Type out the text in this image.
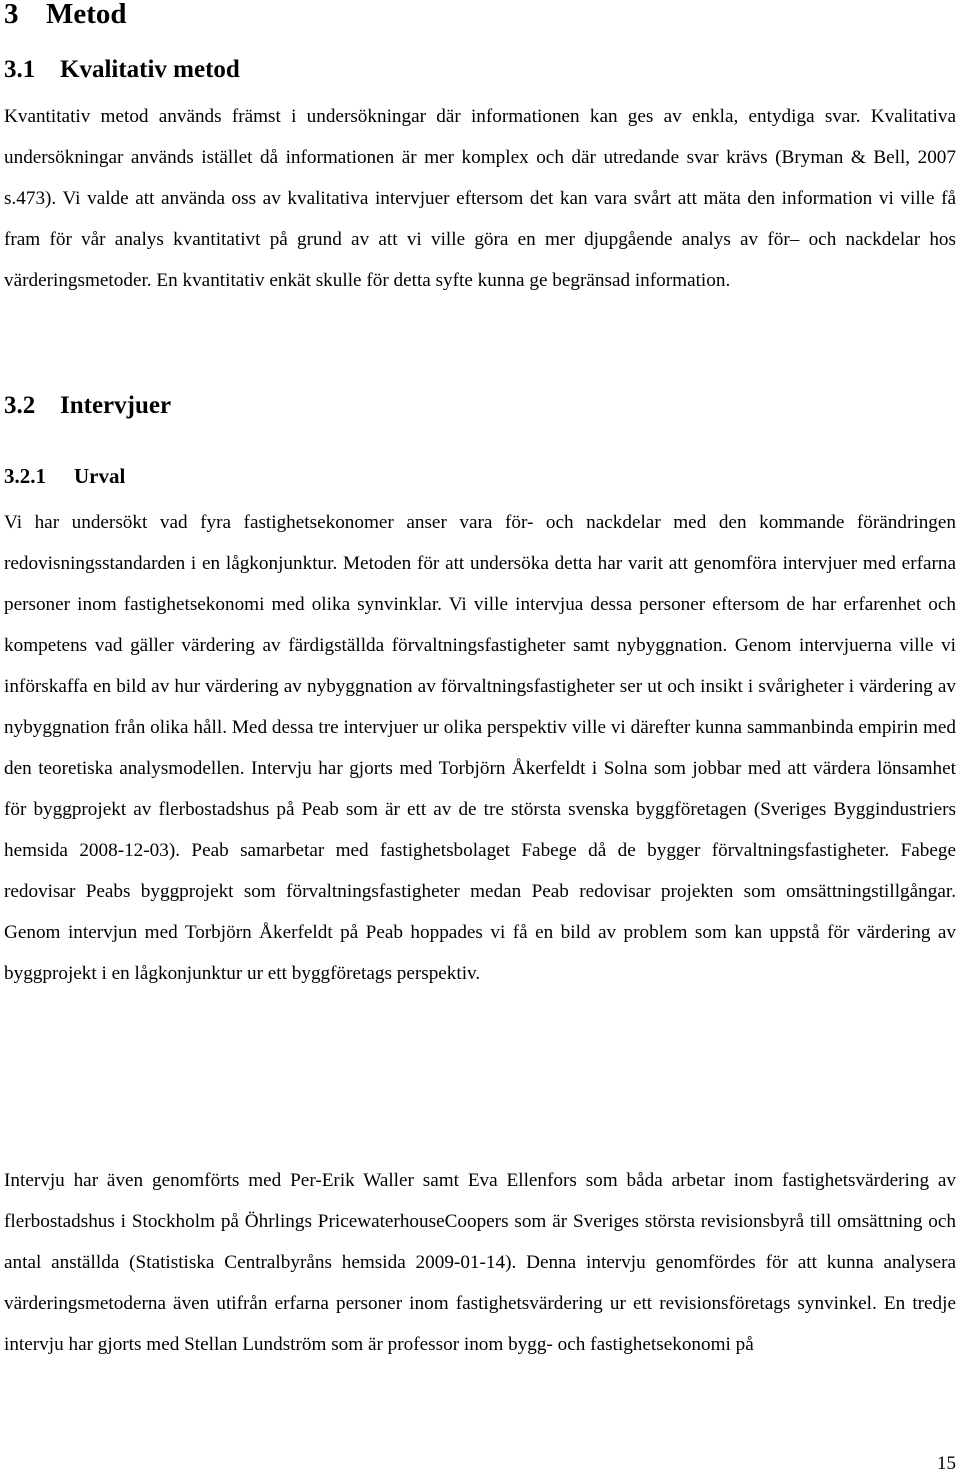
3 Metod
3.1 Kvalitativ metod

Kvantitativ metod används främst i undersökningar där informationen kan ges av enkla, entydiga svar. Kvalitativa undersökningar används istället då informationen är mer komplex och där utredande svar krävs (Bryman & Bell, 2007 s.473). Vi valde att använda oss av kvalitativa intervjuer eftersom det kan vara svårt att mäta den information vi ville få fram för vår analys kvantitativt på grund av att vi ville göra en mer djupgående analys av för– och nackdelar hos värderingsmetoder. En kvantitativ enkät skulle för detta syfte kunna ge begränsad information.

3.2 Intervjuer
3.2.1 Urval

Vi har undersökt vad fyra fastighetsekonomer anser vara för- och nackdelar med den kommande förändringen redovisningsstandarden i en lågkonjunktur. Metoden för att undersöka detta har varit att genomföra intervjuer med erfarna personer inom fastighetsekonomi med olika synvinklar. Vi ville intervjua dessa personer eftersom de har erfarenhet och kompetens vad gäller värdering av färdigställda förvaltningsfastigheter samt nybyggnation. Genom intervjuerna ville vi införskaffa en bild av hur värdering av nybyggnation av förvaltningsfastigheter ser ut och insikt i svårigheter i värdering av nybyggnation från olika håll. Med dessa tre intervjuer ur olika perspektiv ville vi därefter kunna sammanbinda empirin med den teoretiska analysmodellen. Intervju har gjorts med Torbjörn Åkerfeldt i Solna som jobbar med att värdera lönsamhet för byggprojekt av flerbostadshus på Peab som är ett av de tre största svenska byggföretagen (Sveriges Byggindustriers hemsida 2008-12-03). Peab samarbetar med fastighetsbolaget Fabege då de bygger förvaltningsfastigheter. Fabege redovisar Peabs byggprojekt som förvaltningsfastigheter medan Peab redovisar projekten som omsättningstillgångar. Genom intervjun med Torbjörn Åkerfeldt på Peab hoppades vi få en bild av problem som kan uppstå för värdering av byggprojekt i en lågkonjunktur ur ett byggföretags perspektiv.

Intervju har även genomförts med Per-Erik Waller samt Eva Ellenfors som båda arbetar inom fastighetsvärdering av flerbostadshus i Stockholm på Öhrlings PricewaterhouseCoopers som är Sveriges största revisionsbyrå till omsättning och antal anställda (Statistiska Centralbyråns hemsida 2009-01-14). Denna intervju genomfördes för att kunna analysera värderingsmetoderna även utifrån erfarna personer inom fastighetsvärdering ur ett revisionsföretags synvinkel. En tredje intervju har gjorts med Stellan Lundström som är professor inom bygg- och fastighetsekonomi på

15
